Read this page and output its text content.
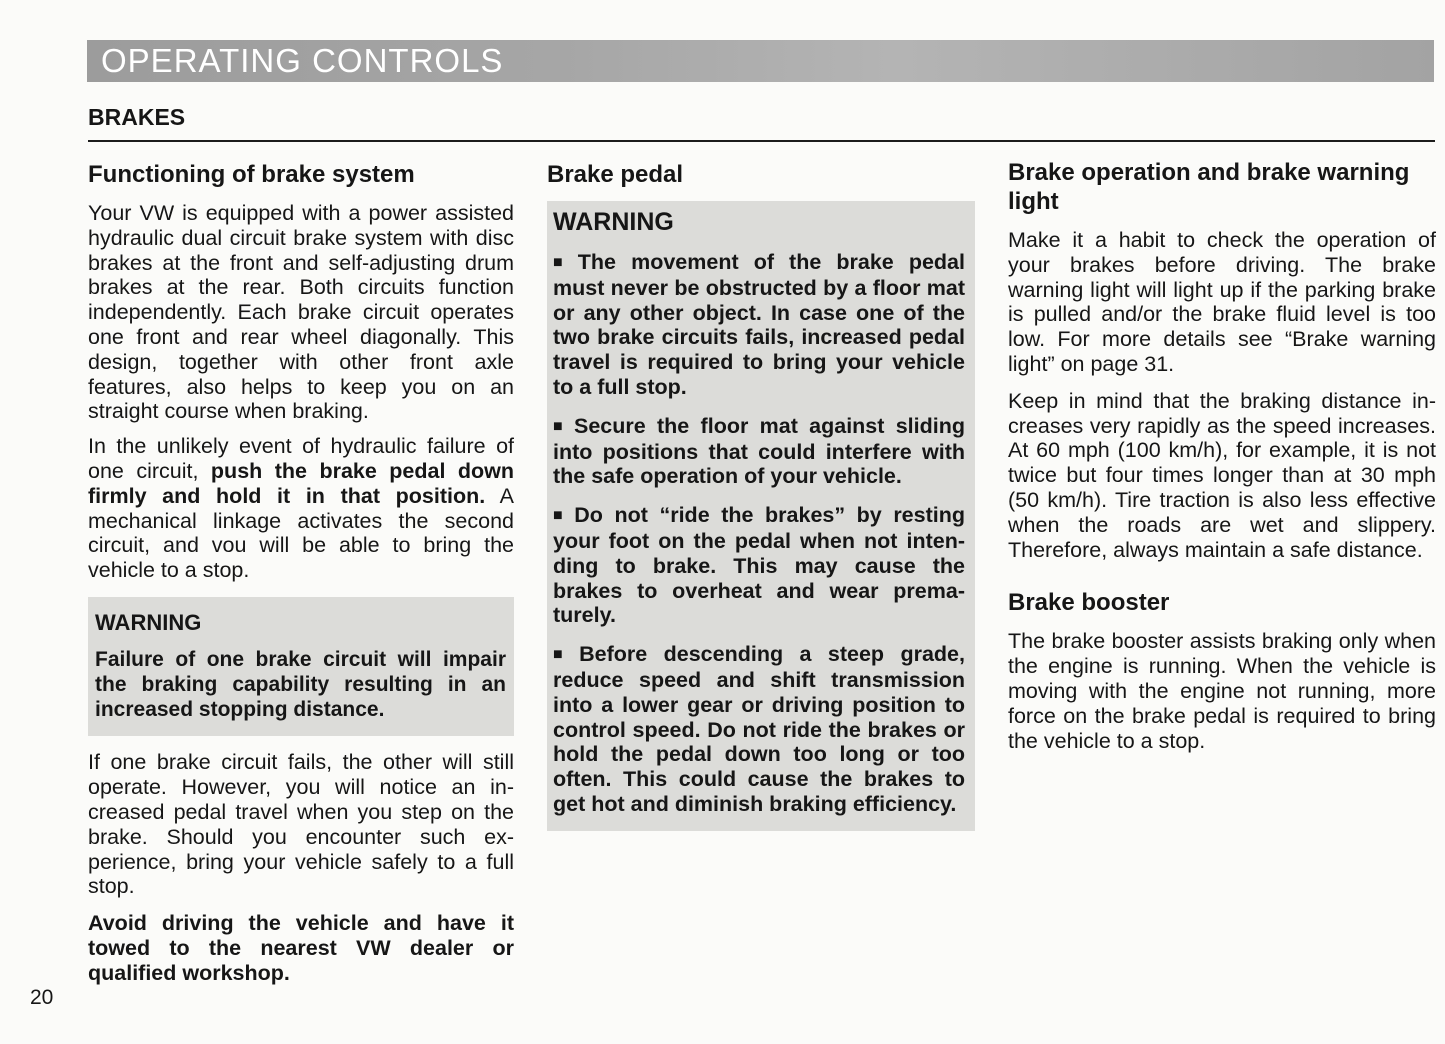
OPERATING CONTROLS
BRAKES
Functioning of brake system

Your VW is equipped with a power assisted hydraulic dual circuit brake system with disc brakes at the front and self-adjusting drum brakes at the rear. Both circuits function independently. Each brake circuit operates one front and rear wheel diagonally. This design, together with other front axle features, also helps to keep you on an straight course when braking.

In the unlikely event of hydraulic failure of one circuit, push the brake pedal down firmly and hold it in that position. A mechanical linkage activates the second circuit, and vou will be able to bring the vehicle to a stop.

WARNING

Failure of one brake circuit will impair the braking capability resulting in an increased stopping distance.

If one brake circuit fails, the other will still operate. However, you will notice an increased pedal travel when you step on the brake. Should you encounter such experience, bring your vehicle safely to a full stop.

Avoid driving the vehicle and have it towed to the nearest VW dealer or qualified workshop.

Brake pedal
WARNING

■ The movement of the brake pedal must never be obstructed by a floor mat or any other object. In case one of the two brake circuits fails, increased pedal travel is required to bring your vehicle to a full stop.

■ Secure the floor mat against sliding into positions that could interfere with the safe operation of your vehicle.

■ Do not “ride the brakes” by resting your foot on the pedal when not intending to brake. This may cause the brakes to overheat and wear prematurely.

■ Before descending a steep grade, reduce speed and shift transmission into a lower gear or driving position to control speed. Do not ride the brakes or hold the pedal down too long or too often. This could cause the brakes to get hot and diminish braking efficiency.

Brake operation and brake warning light

Make it a habit to check the operation of your brakes before driving. The brake warning light will light up if the parking brake is pulled and/or the brake fluid level is too low. For more details see “Brake warning light” on page 31.

Keep in mind that the braking distance increases very rapidly as the speed increases. At 60 mph (100 km/h), for example, it is not twice but four times longer than at 30 mph (50 km/h). Tire traction is also less effective when the roads are wet and slippery. Therefore, always maintain a safe distance.

Brake booster

The brake booster assists braking only when the engine is running. When the vehicle is moving with the engine not running, more force on the brake pedal is required to bring the vehicle to a stop.

20
